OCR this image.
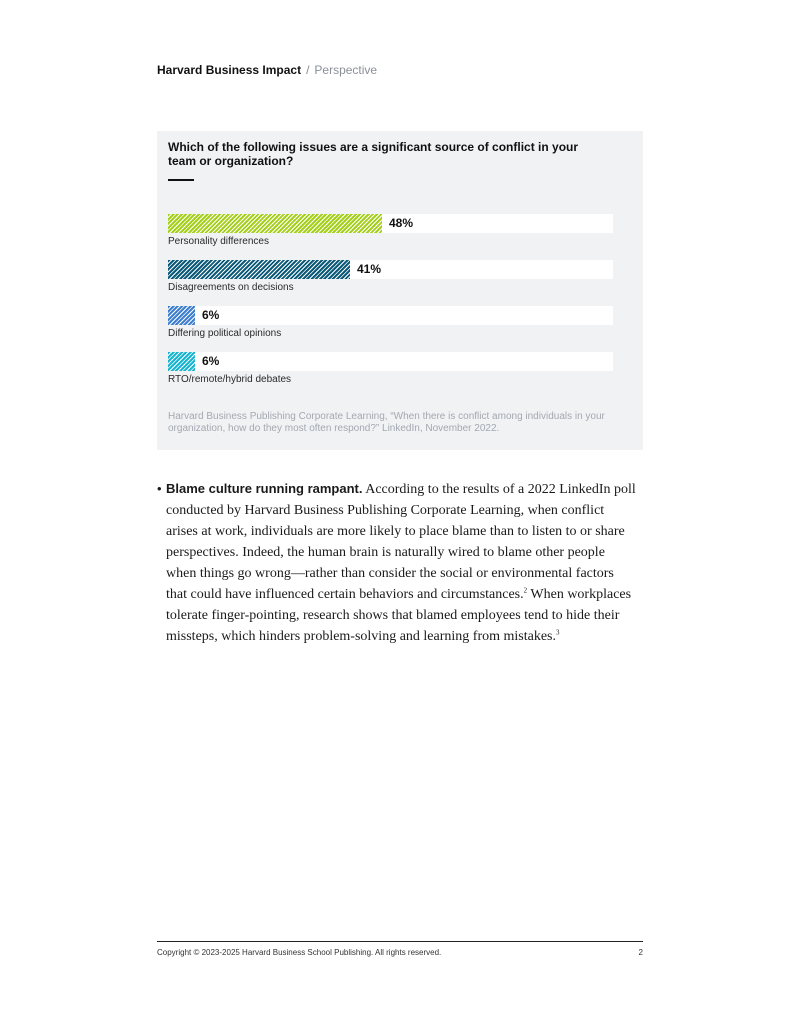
Harvard Business Impact / Perspective
Which of the following issues are a significant source of conflict in your team or organization?
48%
Personality differences
41%
Disagreements on decisions
6%
Differing political opinions
6%
RTO/remote/hybrid debates
Harvard Business Publishing Corporate Learning, “When there is conflict among individuals in your organization, how do they most often respond?” LinkedIn, November 2022.
• Blame culture running rampant. According to the results of a 2022 LinkedIn poll conducted by Harvard Business Publishing Corporate Learning, when conflict arises at work, individuals are more likely to place blame than to listen to or share perspectives. Indeed, the human brain is naturally wired to blame other people when things go wrong—rather than consider the social or environmental factors that could have influenced certain behaviors and circumstances.$^2$ When workplaces tolerate finger-pointing, research shows that blamed employees tend to hide their missteps, which hinders problem-solving and learning from mistakes.$^3$

Copyright © 2023-2025 Harvard Business School Publishing. All rights reserved.	2
